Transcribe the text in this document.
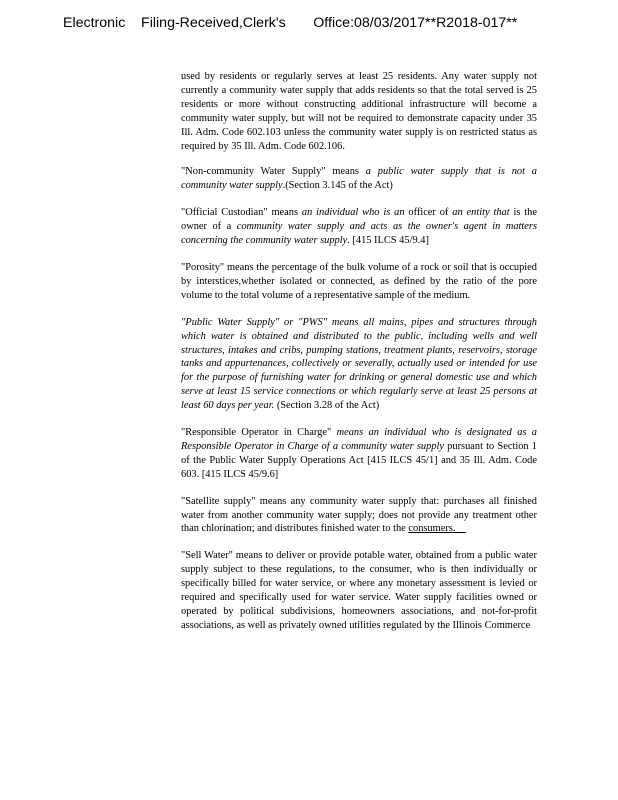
Electronic    Filing-Received,Clerk's       Office:08/03/2017**R2018-017**

used by residents or regularly serves at least 25 residents. Any water supply not currently a community water supply that adds residents so that the total served is 25 residents or more without constructing additional infrastructure will become a community water supply, but will not be required to demonstrate capacity under 35 Ill. Adm. Code 602.103 unless the community water supply is on restricted status as required by 35 Ill. Adm. Code 602.106.

"Non-community Water Supply" means a public water supply that is not a community water supply.(Section 3.145 of the Act)

"Official Custodian" means an individual who is an officer of an entity that is the owner of a community water supply and acts as the owner's agent in matters concerning the community water supply. [415 ILCS 45/9.4]

"Porosity" means the percentage of the bulk volume of a rock or soil that is occupied by interstices,whether isolated or connected, as defined by the ratio of the pore volume to the total volume of a representative sample of the medium.

"Public Water Supply" or "PWS" means all mains, pipes and structures through which water is obtained and distributed to the public, including wells and well structures, intakes and cribs, pumping stations, treatment plants, reservoirs, storage tanks and appurtenances, collectively or severally, actually used or intended for use for the purpose of furnishing water for drinking or general domestic use and which serve at least 15 service connections or which regularly serve at least 25 persons at least 60 days per year. (Section 3.28 of the Act)

"Responsible Operator in Charge" means an individual who is designated as a Responsible Operator in Charge of a community water supply pursuant to Section 1 of the Public Water Supply Operations Act [415 ILCS 45/1] and 35 Ill. Adm. Code 603. [415 ILCS 45/9.6]

"Satellite supply" means any community water supply that: purchases all finished water from another community water supply; does not provide any treatment other than chlorination; and distributes finished water to the consumers.

"Sell Water" means to deliver or provide potable water, obtained from a public water supply subject to these regulations, to the consumer, who is then individually or specifically billed for water service, or where any monetary assessment is levied or required and specifically used for water service. Water supply facilities owned or operated by political subdivisions, homeowners associations, and not-for-profit associations, as well as privately owned utilities regulated by the Illinois Commerce
